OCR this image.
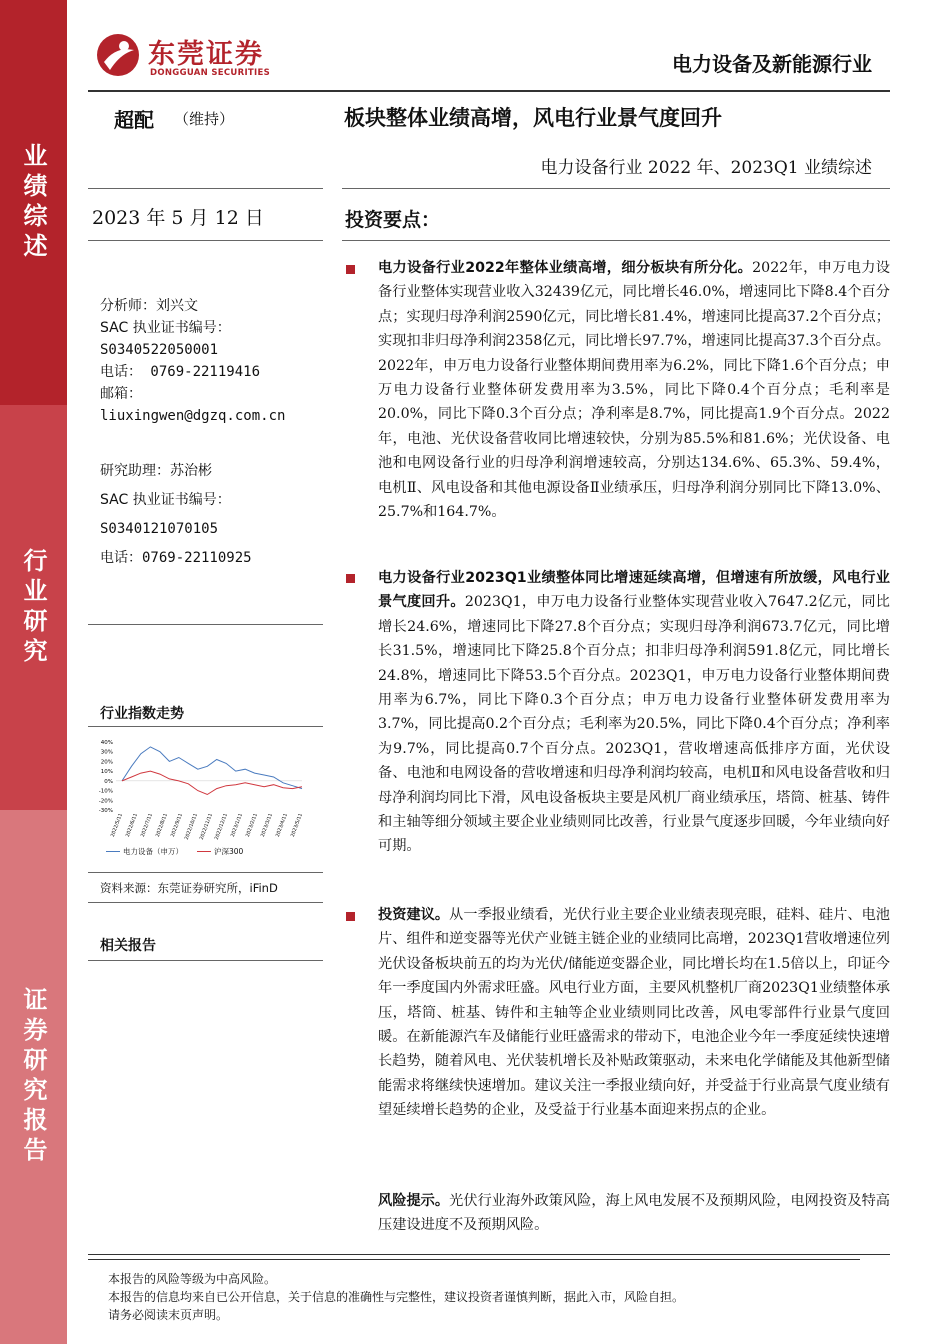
业绩综述
行业研究
证券研究报告
东莞证券
DONGGUAN SECURITIES	电力设备及新能源行业
超配 （维持）	板块整体业绩高增，风电行业景气度回升
电力设备行业 2022 年、2023Q1 业绩综述
2023 年 5 月 12 日	投资要点：
分析师：刘兴文
SAC 执业证书编号：
S0340522050001
电话： 0769-22119416
邮箱：
liuxingwen@dgzq.com.cn
研究助理：苏治彬
SAC 执业证书编号：
S0340121070105
电话：0769-22110925
行业指数走势
40%
30%
20%
10%
0%
-10%
-20%
-30%
2022/5/11 2022/6/11 2022/7/11 2022/8/11 2022/9/11 2022/10/11 2022/11/11 2022/12/11 2023/1/11 2023/2/11 2023/3/11 2023/4/11 2023/5/11
电力设备（申万）	沪深300
资料来源：东莞证券研究所，iFinD
相关报告
电力设备行业2022年整体业绩高增，细分板块有所分化。2022年，申万电力设备行业整体实现营业收入32439亿元，同比增长46.0%，增速同比下降8.4个百分点；实现归母净利润2590亿元，同比增长81.4%，增速同比提高37.2个百分点；实现扣非归母净利润2358亿元，同比增长97.7%，增速同比提高37.3个百分点。2022年，申万电力设备行业整体期间费用率为6.2%，同比下降1.6个百分点；申万电力设备行业整体研发费用率为3.5%，同比下降0.4个百分点；毛利率是20.0%，同比下降0.3个百分点；净利率是8.7%，同比提高1.9个百分点。2022年，电池、光伏设备营收同比增速较快，分别为85.5%和81.6%；光伏设备、电池和电网设备行业的归母净利润增速较高，分别达134.6%、65.3%、59.4%，电机Ⅱ、风电设备和其他电源设备Ⅱ业绩承压，归母净利润分别同比下降13.0%、25.7%和164.7%。
电力设备行业2023Q1业绩整体同比增速延续高增，但增速有所放缓，风电行业景气度回升。2023Q1，申万电力设备行业整体实现营业收入7647.2亿元，同比增长24.6%，增速同比下降27.8个百分点；实现归母净利润673.7亿元，同比增长31.5%，增速同比下降25.8个百分点；扣非归母净利润591.8亿元，同比增长24.8%，增速同比下降53.5个百分点。2023Q1，申万电力设备行业整体期间费用率为6.7%，同比下降0.3个百分点；申万电力设备行业整体研发费用率为3.7%，同比提高0.2个百分点；毛利率为20.5%，同比下降0.4个百分点；净利率为9.7%，同比提高0.7个百分点。2023Q1，营收增速高低排序方面，光伏设备、电池和电网设备的营收增速和归母净利润均较高，电机Ⅱ和风电设备营收和归母净利润均同比下滑，风电设备板块主要是风机厂商业绩承压，塔筒、桩基、铸件和主轴等细分领域主要企业业绩则同比改善，行业景气度逐步回暖，今年业绩向好可期。
投资建议。从一季报业绩看，光伏行业主要企业业绩表现亮眼，硅料、硅片、电池片、组件和逆变器等光伏产业链主链企业的业绩同比高增，2023Q1营收增速位列光伏设备板块前五的均为光伏/储能逆变器企业，同比增长均在1.5倍以上，印证今年一季度国内外需求旺盛。风电行业方面，主要风机整机厂商2023Q1业绩整体承压，塔筒、桩基、铸件和主轴等企业业绩则同比改善，风电零部件行业景气度回暖。在新能源汽车及储能行业旺盛需求的带动下，电池企业今年一季度延续快速增长趋势，随着风电、光伏装机增长及补贴政策驱动，未来电化学储能及其他新型储能需求将继续快速增加。建议关注一季报业绩向好，并受益于行业高景气度业绩有望延续增长趋势的企业，及受益于行业基本面迎来拐点的企业。
风险提示。光伏行业海外政策风险，海上风电发展不及预期风险，电网投资及特高压建设进度不及预期风险。
本报告的风险等级为中高风险。
本报告的信息均来自已公开信息，关于信息的准确性与完整性，建议投资者谨慎判断，据此入市，风险自担。
请务必阅读末页声明。
